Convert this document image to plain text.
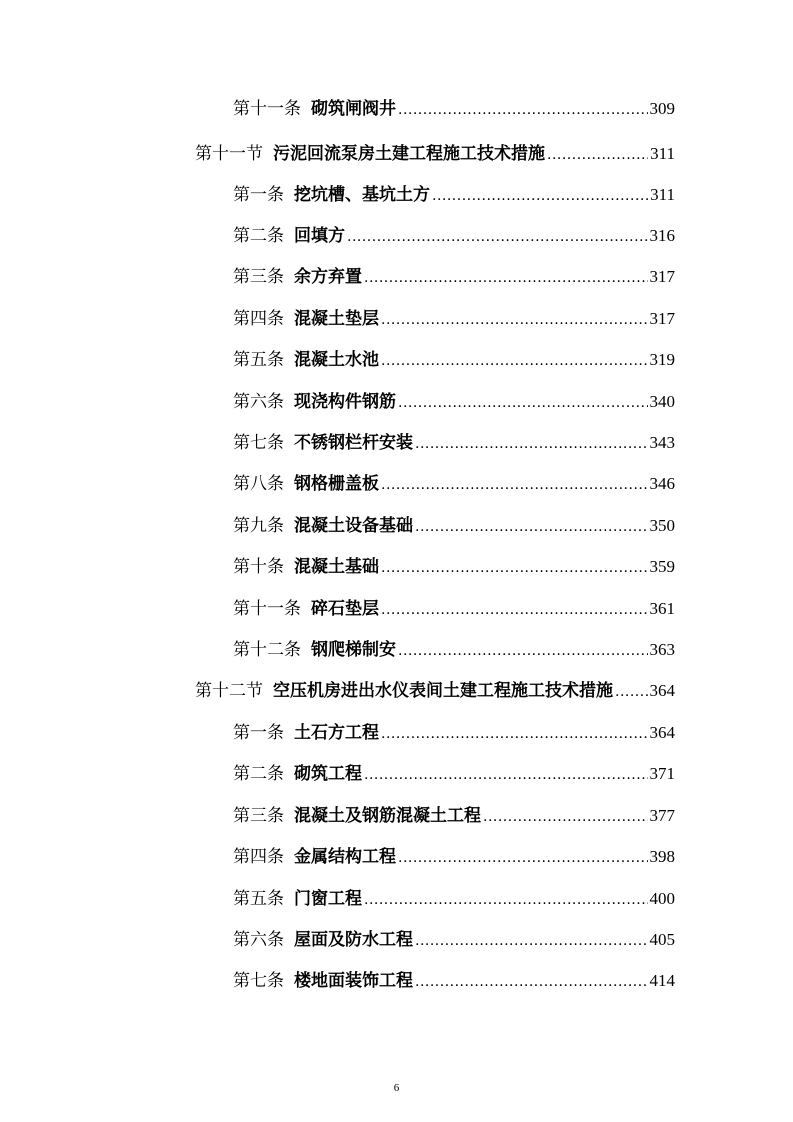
第十一条 砌筑闸阀井 .....	309
第十一节 污泥回流泵房土建工程施工技术措施 .....	311
第一条 挖坑槽、基坑土方 .....	311
第二条 回填方 .....	316
第三条 余方弃置 .....	317
第四条 混凝土垫层 .....	317
第五条 混凝土水池 .....	319
第六条 现浇构件钢筋 .....	340
第七条 不锈钢栏杆安装 .....	343
第八条 钢格栅盖板 .....	346
第九条 混凝土设备基础 .....	350
第十条 混凝土基础 .....	359
第十一条 碎石垫层 .....	361
第十二条 钢爬梯制安 .....	363
第十二节 空压机房进出水仪表间土建工程施工技术措施 ..... 364
第一条 土石方工程 .....	364
第二条 砌筑工程 .....	371
第三条 混凝土及钢筋混凝土工程 .....	377
第四条 金属结构工程 .....	398
第五条 门窗工程 .....	400
第六条 屋面及防水工程 .....	405
第七条 楼地面装饰工程 .....	414
6
